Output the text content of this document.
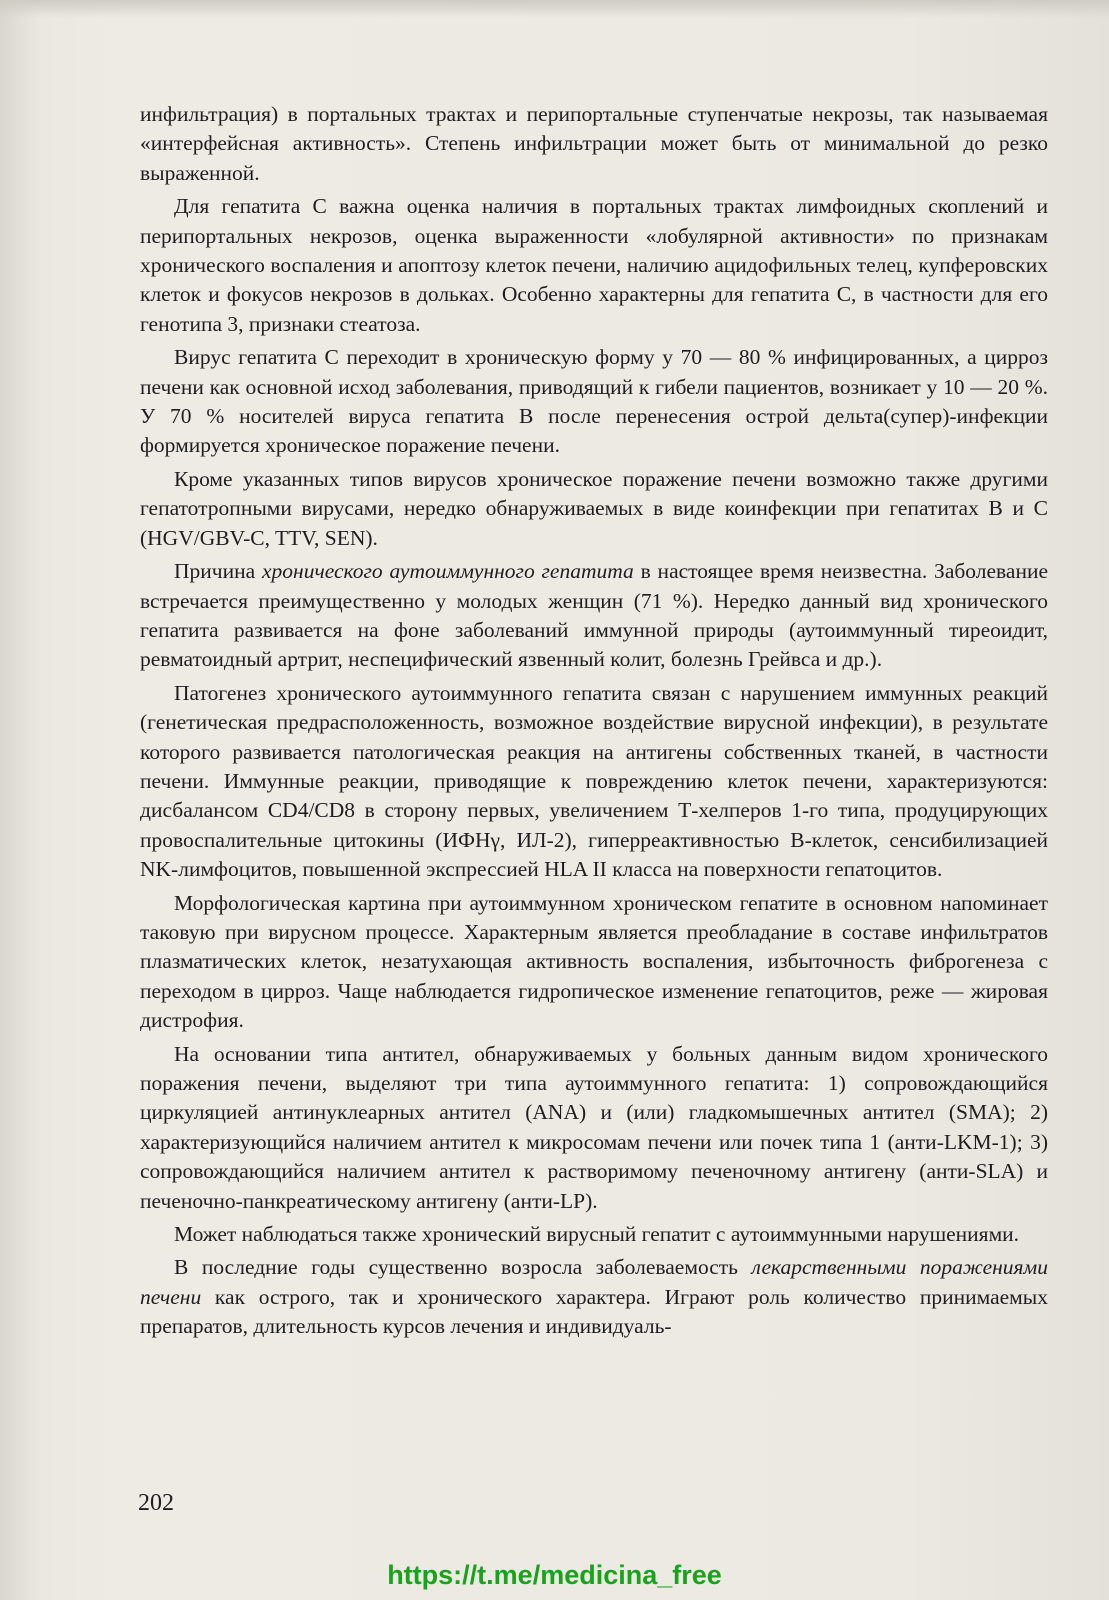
инфильтрация) в портальных трактах и перипортальные ступенчатые некрозы, так называемая «интерфейсная активность». Степень инфильтрации может быть от минимальной до резко выраженной.

Для гепатита С важна оценка наличия в портальных трактах лимфоидных скоплений и перипортальных некрозов, оценка выраженности «лобулярной активности» по признакам хронического воспаления и апоптозу клеток печени, наличию ацидофильных телец, купферовских клеток и фокусов некрозов в дольках. Особенно характерны для гепатита С, в частности для его генотипа 3, признаки стеатоза.

Вирус гепатита С переходит в хроническую форму у 70 — 80 % инфицированных, а цирроз печени как основной исход заболевания, приводящий к гибели пациентов, возникает у 10 — 20 %. У 70 % носителей вируса гепатита В после перенесения острой дельта(супер)-инфекции формируется хроническое поражение печени.

Кроме указанных типов вирусов хроническое поражение печени возможно также другими гепатотропными вирусами, нередко обнаруживаемых в виде коинфекции при гепатитах В и С (HGV/GBV-C, TTV, SEN).

Причина хронического аутоиммунного гепатита в настоящее время неизвестна. Заболевание встречается преимущественно у молодых женщин (71 %). Нередко данный вид хронического гепатита развивается на фоне заболеваний иммунной природы (аутоиммунный тиреоидит, ревматоидный артрит, неспецифический язвенный колит, болезнь Грейвса и др.).

Патогенез хронического аутоиммунного гепатита связан с нарушением иммунных реакций (генетическая предрасположенность, возможное воздействие вирусной инфекции), в результате которого развивается патологическая реакция на антигены собственных тканей, в частности печени. Иммунные реакции, приводящие к повреждению клеток печени, характеризуются: дисбалансом CD4/CD8 в сторону первых, увеличением Т-хелперов 1-го типа, продуцирующих провоспалительные цитокины (ИФНγ, ИЛ-2), гиперреактивностью В-клеток, сенсибилизацией NK-лимфоцитов, повышенной экспрессией HLA II класса на поверхности гепатоцитов.

Морфологическая картина при аутоиммунном хроническом гепатите в основном напоминает таковую при вирусном процессе. Характерным является преобладание в составе инфильтратов плазматических клеток, незатухающая активность воспаления, избыточность фиброгенеза с переходом в цирроз. Чаще наблюдается гидропическое изменение гепатоцитов, реже — жировая дистрофия.

На основании типа антител, обнаруживаемых у больных данным видом хронического поражения печени, выделяют три типа аутоиммунного гепатита: 1) сопровождающийся циркуляцией антинуклеарных антител (ANA) и (или) гладкомышечных антител (SMA); 2) характеризующийся наличием антител к микросомам печени или почек типа 1 (анти-LKM-1); 3) сопровождающийся наличием антител к растворимому печеночному антигену (анти-SLA) и печеночно-панкреатическому антигену (анти-LP).

Может наблюдаться также хронический вирусный гепатит с аутоиммунными нарушениями.

В последние годы существенно возросла заболеваемость лекарственными поражениями печени как острого, так и хронического характера. Играют роль количество принимаемых препаратов, длительность курсов лечения и индивидуаль-

202
https://t.me/medicina_free
